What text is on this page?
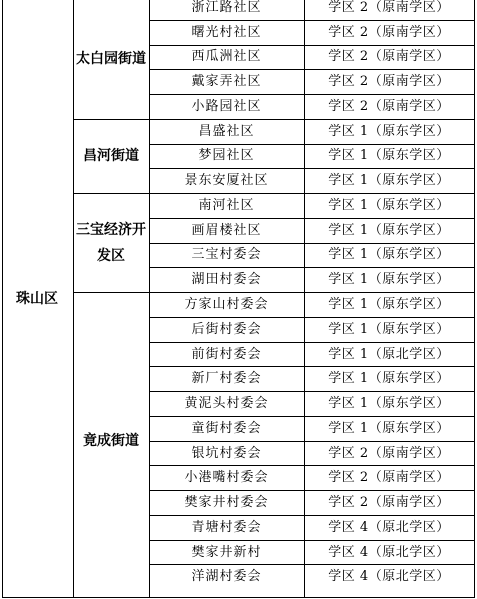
珠山区
太白园街道
浙江路社区	学区 2（原南学区）
曙光村社区	学区 2（原南学区）
西瓜洲社区	学区 2（原南学区）
戴家弄社区	学区 2（原南学区）
小路园社区	学区 2（原南学区）
昌河街道
昌盛社区	学区 1（原东学区）
梦园社区	学区 1（原东学区）
景东安厦社区	学区 1（原东学区）
三宝经济开发区
南河社区	学区 1（原东学区）
画眉楼社区	学区 1（原东学区）
三宝村委会	学区 1（原东学区）
湖田村委会	学区 1（原东学区）
竟成街道
方家山村委会	学区 1（原东学区）
后街村委会	学区 1（原东学区）
前街村委会	学区 1（原北学区）
新厂村委会	学区 1（原东学区）
黄泥头村委会	学区 1（原东学区）
童街村委会	学区 1（原东学区）
银坑村委会	学区 2（原南学区）
小港嘴村委会	学区 2（原南学区）
樊家井村委会	学区 2（原南学区）
青塘村委会	学区 4（原北学区）
樊家井新村	学区 4（原北学区）
洋湖村委会	学区 4（原北学区）
